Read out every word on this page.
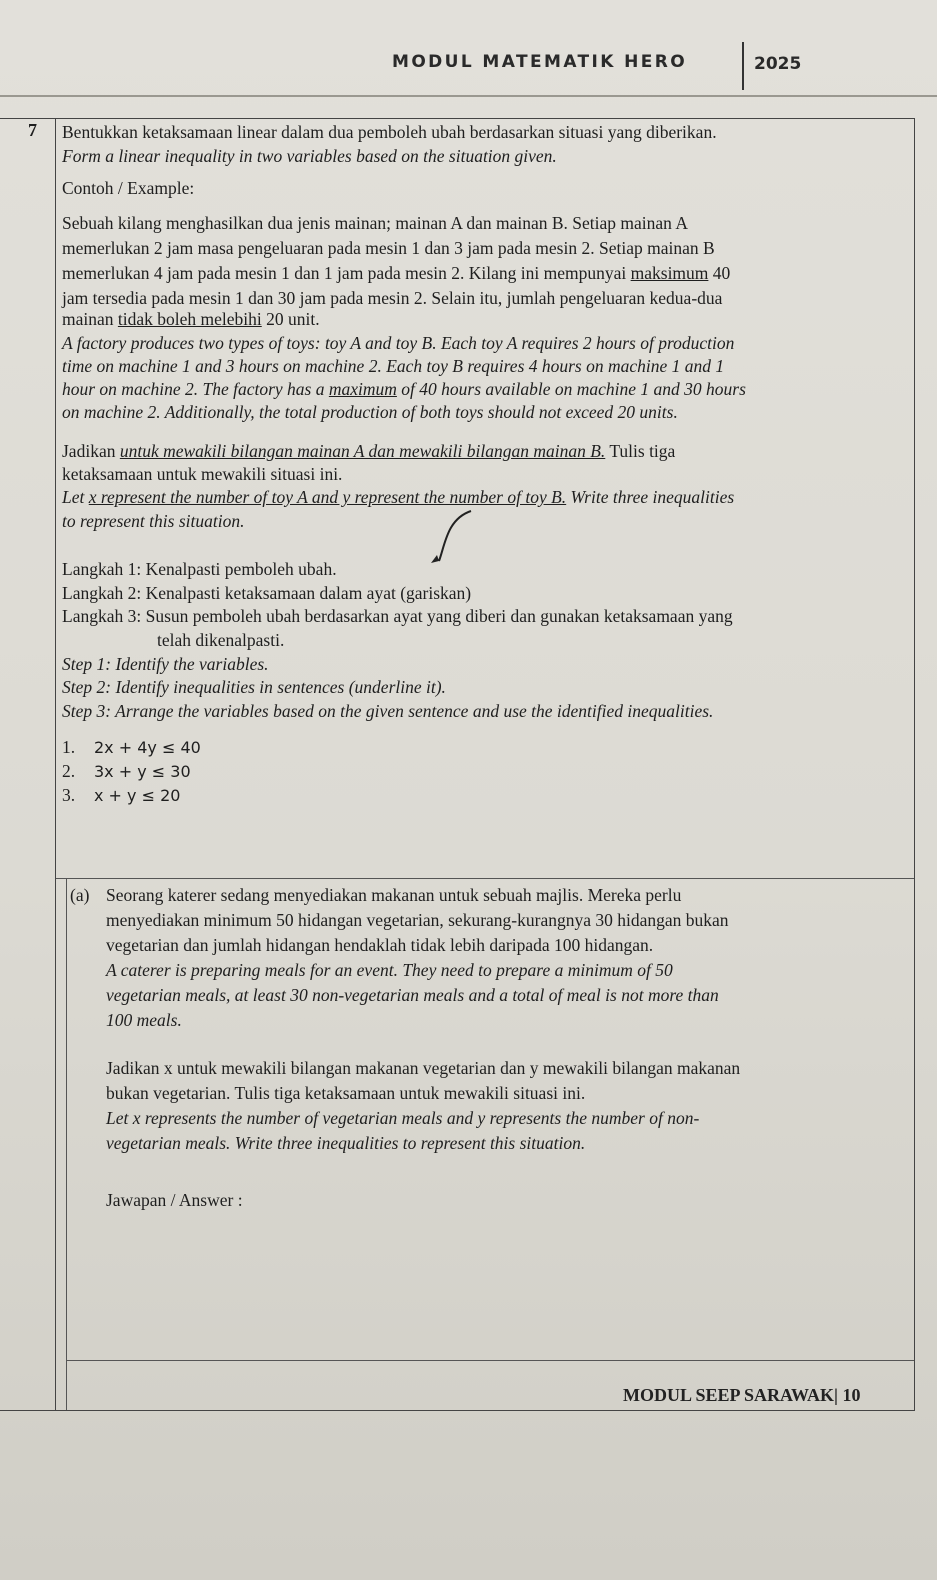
MODUL MATEMATIK HERO	2025
7 Bentukkan ketaksamaan linear dalam dua pemboleh ubah berdasarkan situasi yang diberikan.
Form a linear inequality in two variables based on the situation given.
Contoh / Example:
Sebuah kilang menghasilkan dua jenis mainan; mainan A dan mainan B. Setiap mainan A
memerlukan 2 jam masa pengeluaran pada mesin 1 dan 3 jam pada mesin 2. Setiap mainan B
memerlukan 4 jam pada mesin 1 dan 1 jam pada mesin 2. Kilang ini mempunyai maksimum 40
jam tersedia pada mesin 1 dan 30 jam pada mesin 2. Selain itu, jumlah pengeluaran kedua-dua
mainan tidak boleh melebihi 20 unit.
A factory produces two types of toys: toy A and toy B. Each toy A requires 2 hours of production
time on machine 1 and 3 hours on machine 2. Each toy B requires 4 hours on machine 1 and 1
hour on machine 2. The factory has a maximum of 40 hours available on machine 1 and 30 hours
on machine 2. Additionally, the total production of both toys should not exceed 20 units.
Jadikan untuk mewakili bilangan mainan A dan mewakili bilangan mainan B. Tulis tiga
ketaksamaan untuk mewakili situasi ini.
Let x represent the number of toy A and y represent the number of toy B. Write three inequalities
to represent this situation.
Langkah 1: Kenalpasti pemboleh ubah.
Langkah 2: Kenalpasti ketaksamaan dalam ayat (gariskan)
Langkah 3: Susun pemboleh ubah berdasarkan ayat yang diberi dan gunakan ketaksamaan yang
telah dikenalpasti.
Step 1: Identify the variables.
Step 2: Identify inequalities in sentences (underline it).
Step 3: Arrange the variables based on the given sentence and use the identified inequalities.
1. 2x + 4y ≤ 40
2. 3x + y ≤ 30
3. x + y ≤ 20
(a) Seorang katerer sedang menyediakan makanan untuk sebuah majlis. Mereka perlu
menyediakan minimum 50 hidangan vegetarian, sekurang-kurangnya 30 hidangan bukan
vegetarian dan jumlah hidangan hendaklah tidak lebih daripada 100 hidangan.
A caterer is preparing meals for an event. They need to prepare a minimum of 50
vegetarian meals, at least 30 non-vegetarian meals and a total of meal is not more than
100 meals.
Jadikan x untuk mewakili bilangan makanan vegetarian dan y mewakili bilangan makanan
bukan vegetarian. Tulis tiga ketaksamaan untuk mewakili situasi ini.
Let x represents the number of vegetarian meals and y represents the number of non-
vegetarian meals. Write three inequalities to represent this situation.
Jawapan / Answer :
MODUL SEEP SARAWAK| 10
